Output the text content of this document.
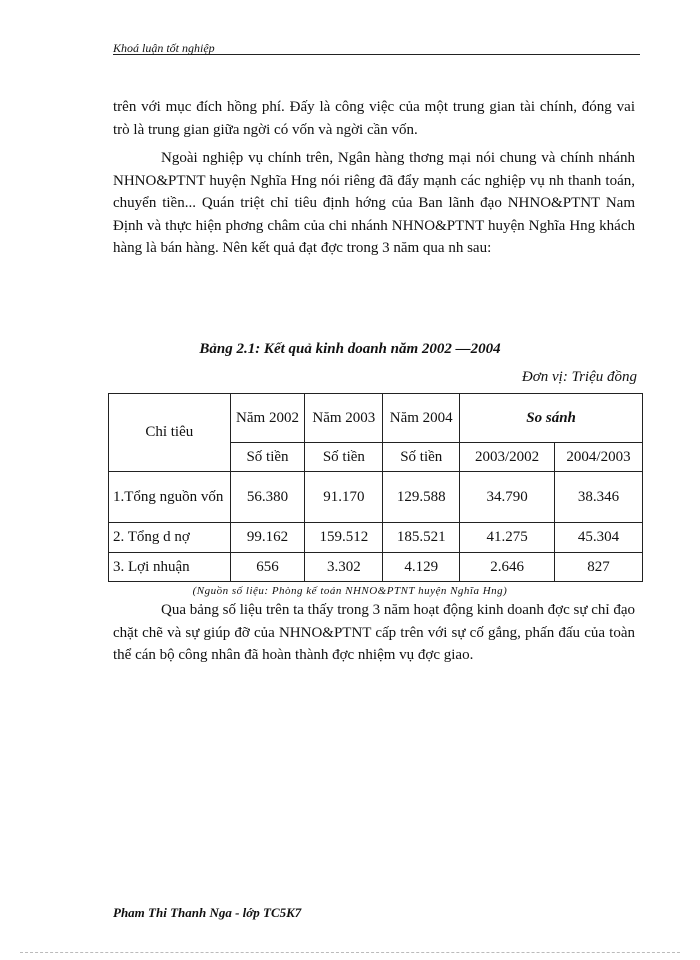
Khoá luận tốt nghiệp

trên với mục đích hồng phí. Đấy là công việc của một trung gian tài chính, đóng vai trò là trung gian giữa ngời có vốn và ngời cần vốn.

Ngoài nghiệp vụ chính trên, Ngân hàng thơng mại nói chung và chính nhánh NHNO&PTNT huyện Nghĩa Hng nói riêng đã đẩy mạnh các nghiệp vụ nh thanh toán, chuyển tiền... Quán triệt chỉ tiêu định hớng của Ban lãnh đạo NHNO&PTNT Nam Định và thực hiện phơng châm của chi nhánh NHNO&PTNT huyện Nghĩa Hng khách hàng là bán hàng. Nên kết quả đạt đợc trong 3 năm qua nh sau:

Bảng 2.1: Kết quả kinh doanh năm 2002 —2004
Đơn vị: Triệu đồng
Chỉ tiêu	Năm 2002	Năm 2003	Năm 2004	So sánh	
	Số tiền	Số tiền	Số tiền	2003/2002	2004/2003
1.Tổng nguồn vốn	56.380	91.170	129.588	34.790	38.346
2. Tổng d nợ	99.162	159.512	185.521	41.275	45.304
3. Lợi nhuận	656	3.302	4.129	2.646	827
(Nguồn số liệu: Phòng kế toán NHNO&PTNT huyện Nghĩa Hng)

Qua bảng số liệu trên ta thấy trong 3 năm hoạt động kinh doanh đợc sự chỉ đạo chặt chẽ và sự giúp đỡ của NHNO&PTNT cấp trên với sự cố gắng, phấn đấu của toàn thể cán bộ công nhân đã hoàn thành đợc nhiệm vụ đợc giao.

Pham Thi Thanh Nga - lớp TC5K7
